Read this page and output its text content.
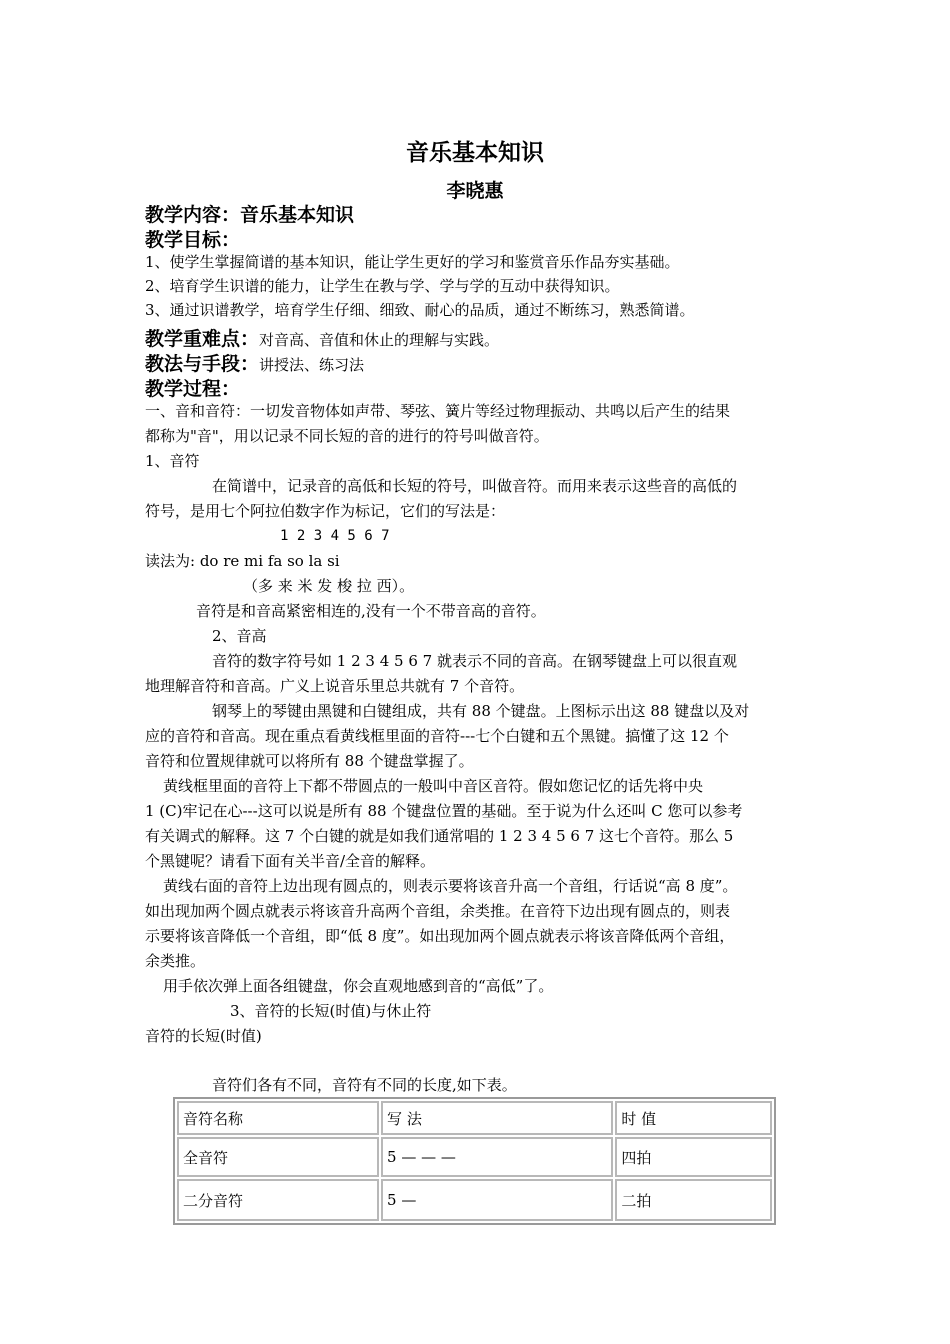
音乐基本知识
李晓惠
教学内容：音乐基本知识
教学目标：
1、使学生掌握简谱的基本知识，能让学生更好的学习和鉴赏音乐作品夯实基础。
2、培育学生识谱的能力，让学生在教与学、学与学的互动中获得知识。
3、通过识谱教学，培育学生仔细、细致、耐心的品质，通过不断练习，熟悉简谱。
教学重难点：对音高、音值和休止的理解与实践。
教法与手段：讲授法、练习法
教学过程：
一、音和音符：一切发音物体如声带、琴弦、簧片等经过物理振动、共鸣以后产生的结果
都称为"音"，用以记录不同长短的音的进行的符号叫做音符。
1、音符
在简谱中，记录音的高低和长短的符号，叫做音符。而用来表示这些音的高低的
符号，是用七个阿拉伯数字作为标记，它们的写法是：
1 2 3 4 5 6 7
读法为: do re mi fa so la si
（多 来 米 发 梭 拉 西）。
音符是和音高紧密相连的,没有一个不带音高的音符。
2、音高
音符的数字符号如 1 2 3 4 5 6 7 就表示不同的音高。在钢琴键盘上可以很直观
地理解音符和音高。广义上说音乐里总共就有 7 个音符。
钢琴上的琴键由黑键和白键组成，共有 88 个键盘。上图标示出这 88 键盘以及对
应的音符和音高。现在重点看黄线框里面的音符---七个白键和五个黑键。搞懂了这 12 个
音符和位置规律就可以将所有 88 个键盘掌握了。
黄线框里面的音符上下都不带圆点的一般叫中音区音符。假如您记忆的话先将中央
1 (C)牢记在心---这可以说是所有 88 个键盘位置的基础。至于说为什么还叫 C 您可以参考
有关调式的解释。这 7 个白键的就是如我们通常唱的 1 2 3 4 5 6 7 这七个音符。那么 5
个黑键呢？请看下面有关半音/全音的解释。
黄线右面的音符上边出现有圆点的，则表示要将该音升高一个音组，行话说“高 8 度”。
如出现加两个圆点就表示将该音升高两个音组，余类推。在音符下边出现有圆点的，则表
示要将该音降低一个音组，即“低 8 度”。如出现加两个圆点就表示将该音降低两个音组，
余类推。
用手依次弹上面各组键盘，你会直观地感到音的“高低”了。
3、音符的长短(时值)与休止符
音符的长短(时值)
音符们各有不同，音符有不同的长度,如下表。
音符名称	写 法	时 值
全音符	5 — — —	四拍
二分音符	5 —	二拍
